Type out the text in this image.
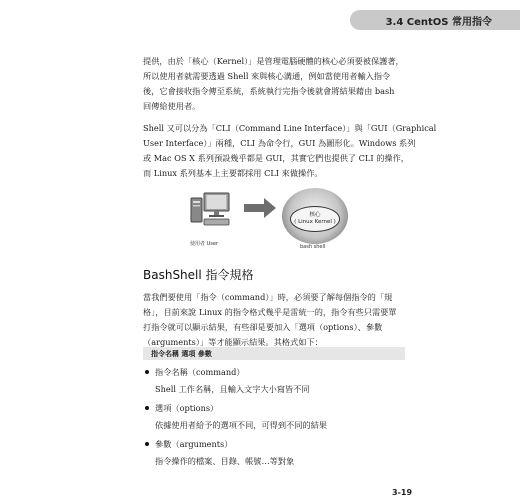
3.4 CentOS 常用指令

提供，由於「核心（Kernel）」是管理電腦硬體的核心必須要被保護著，
所以使用者就需要透過 Shell 來與核心溝通，例如當使用者輸入指令
後，它會接收指令傳至系統，系統執行完指令後就會將結果藉由 bash
回傳給使用者。

Shell 又可以分為「CLI（Command Line Interface）」與「GUI（Graphical
User Interface）」兩種，CLI 為命令行，GUI 為圖形化。Windows 系列
或 Mac OS X 系列預設幾乎都是 GUI，其實它們也提供了 CLI 的操作，
而 Linux 系列基本上主要都採用 CLI 來做操作。

使用者 User
核心
( Linux Kernel )
bash shell
BashShell 指令規格

當我們要使用「指令（command）」時，必須要了解每個指令的「規
格」，目前來說 Linux 的指令格式幾乎是雷統一的，指令有些只需要單
打指令就可以顯示結果，有些卻是要加入「選項（options）、參數
（arguments）」等才能顯示結果。其格式如下：

指令名稱 選項 參數
指令名稱（command）
Shell 工作名稱，且輸入文字大小寫皆不同
選項（options）
依據使用者給予的選項不同，可得到不同的結果
參數（arguments）
指令操作的檔案、目錄、帳號…等對象
3-19
